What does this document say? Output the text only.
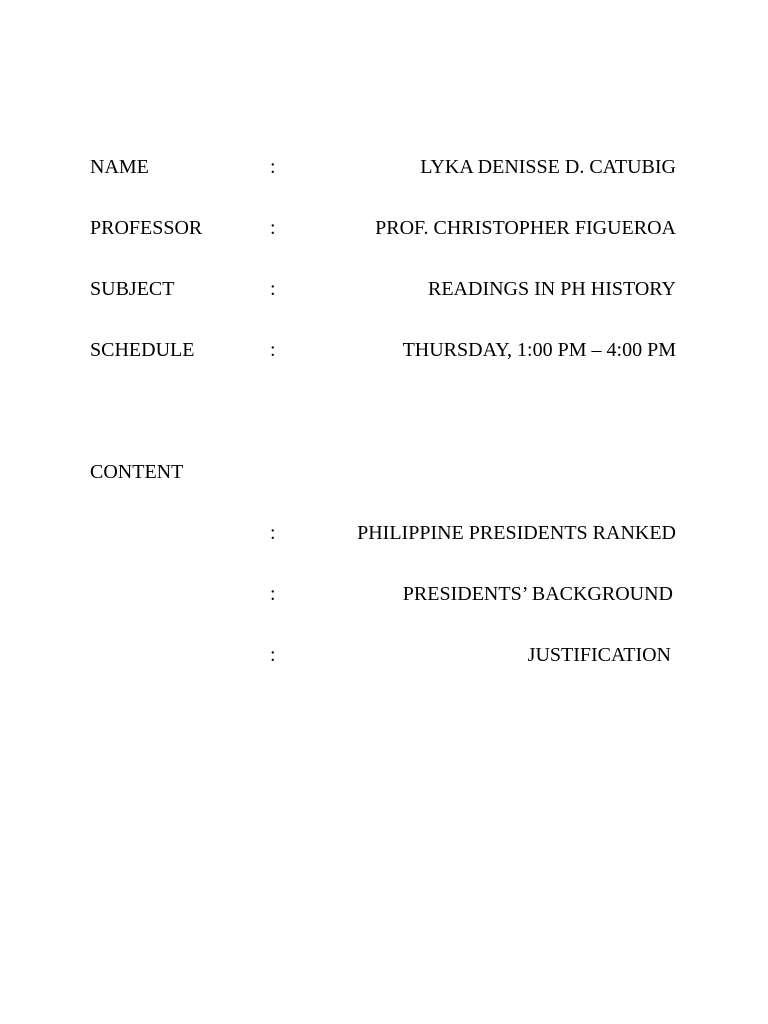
NAME	:	LYKA DENISSE D. CATUBIG
PROFESSOR	:	PROF. CHRISTOPHER FIGUEROA
SUBJECT	:	READINGS IN PH HISTORY
SCHEDULE	:	THURSDAY, 1:00 PM – 4:00 PM
CONTENT
:	PHILIPPINE PRESIDENTS RANKED
:	PRESIDENTS’ BACKGROUND
:	JUSTIFICATION
